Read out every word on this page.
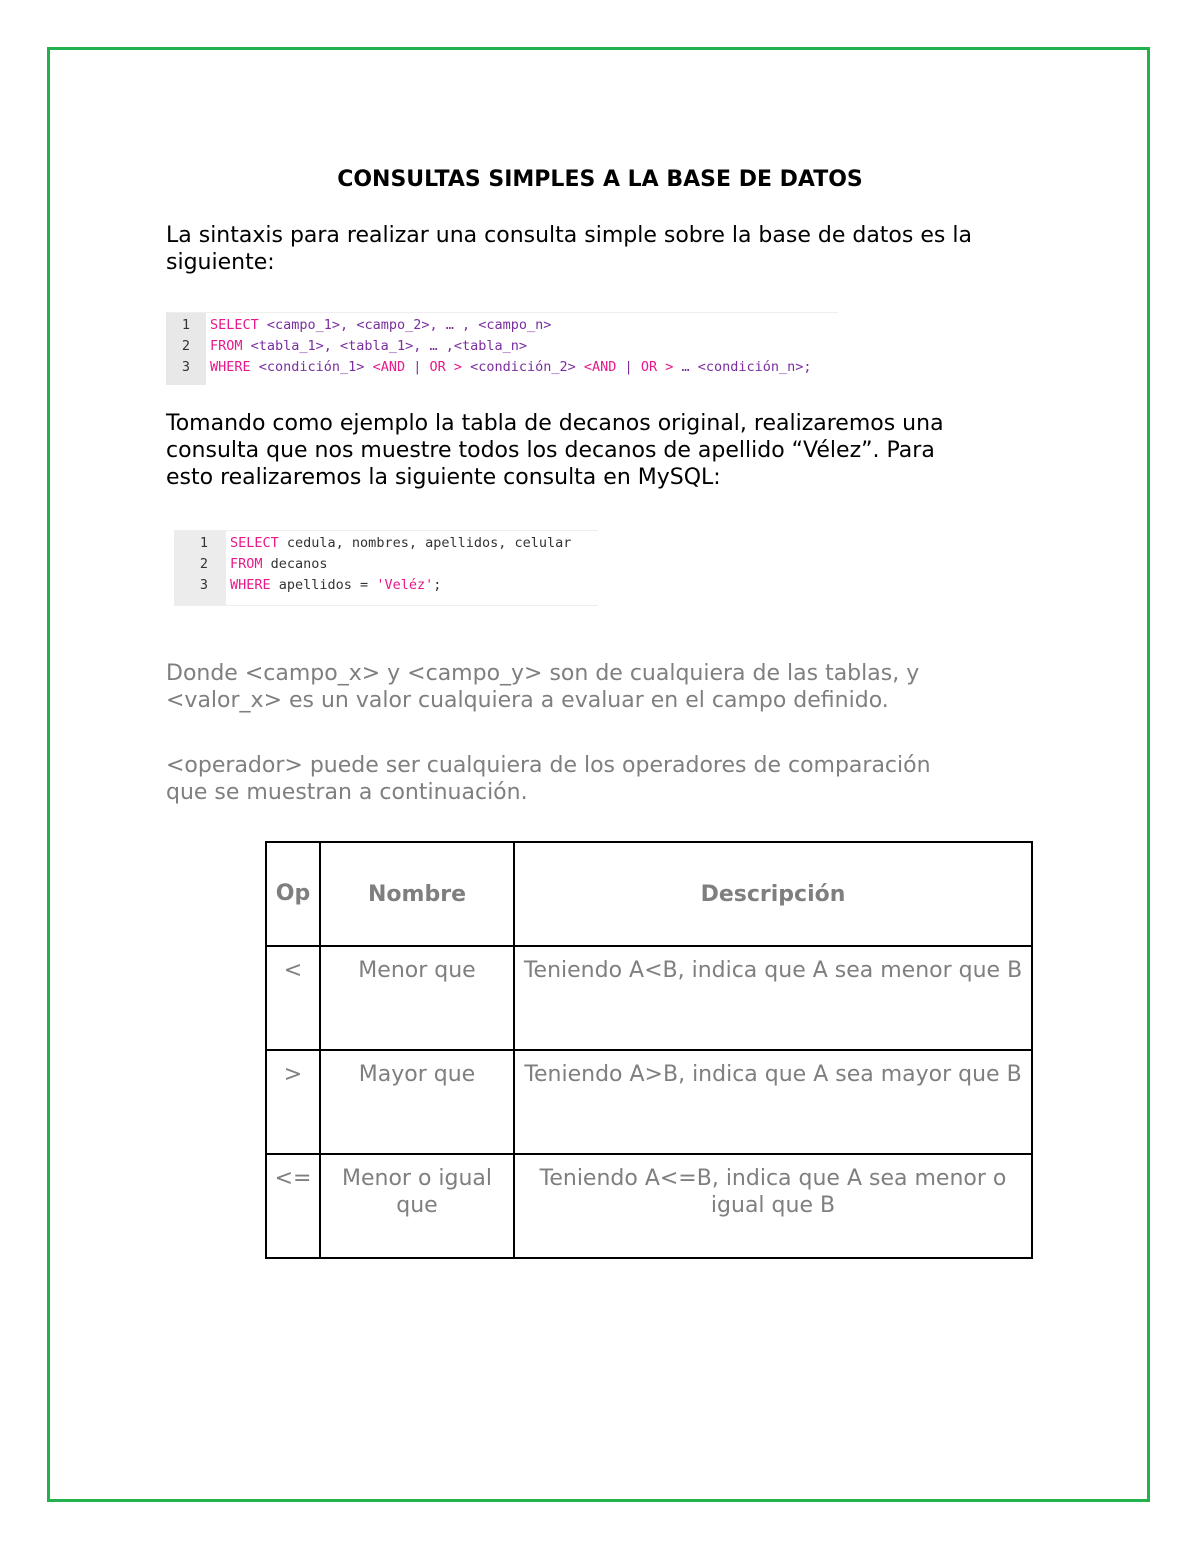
CONSULTAS SIMPLES A LA BASE DE DATOS
La sintaxis para realizar una consulta simple sobre la base de datos es la
siguiente:
1 SELECT <campo_1>, <campo_2>, … , <campo_n>
2 FROM <tabla_1>, <tabla_1>, … ,<tabla_n>
3 WHERE <condición_1> <AND | OR > <condición_2> <AND | OR > … <condición_n>;
Tomando como ejemplo la tabla de decanos original, realizaremos una
consulta que nos muestre todos los decanos de apellido “Vélez”. Para
esto realizaremos la siguiente consulta en MySQL:
1 SELECT cedula, nombres, apellidos, celular
2 FROM decanos
3 WHERE apellidos = 'Veléz';
Donde <campo_x> y <campo_y> son de cualquiera de las tablas, y
<valor_x> es un valor cualquiera a evaluar en el campo definido.
<operador> puede ser cualquiera de los operadores de comparación
que se muestran a continuación.
Op	Nombre	Descripción
<	Menor que	Teniendo A<B, indica que A sea menor que B
>	Mayor que	Teniendo A>B, indica que A sea mayor que B
<=	Menor o igual que	Teniendo A<=B, indica que A sea menor o igual que B
